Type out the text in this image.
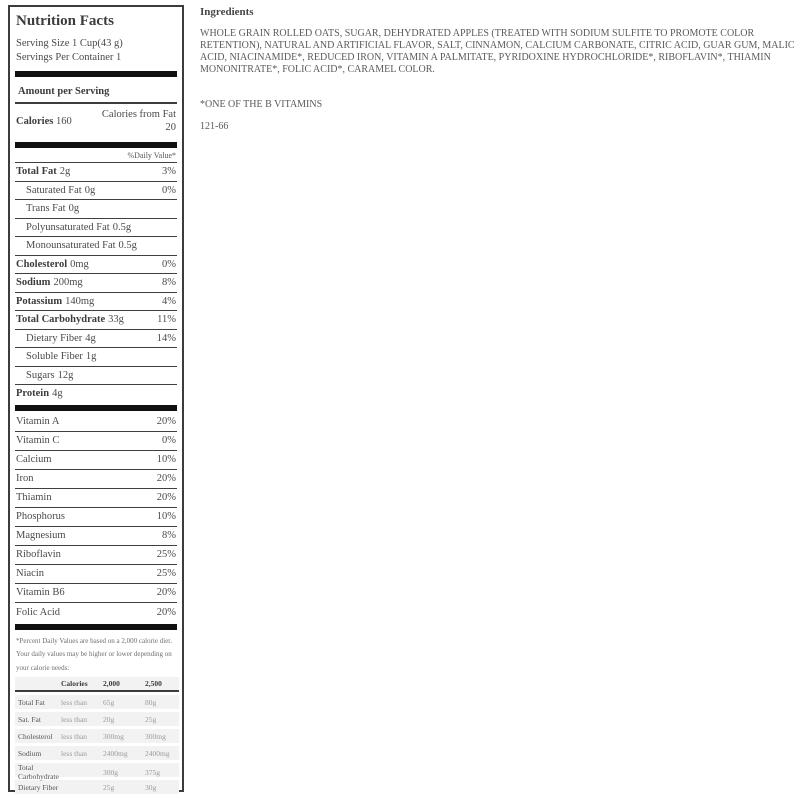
Nutrition Facts
Serving Size 1 Cup(43 g)
Servings Per Container 1
Amount per Serving
Calories 160
Calories from Fat
20
%Daily Value*
Total Fat 2g	3%
Saturated Fat 0g	0%
Trans Fat 0g
Polyunsaturated Fat 0.5g
Monounsaturated Fat 0.5g
Cholesterol 0mg	0%
Sodium 200mg	8%
Potassium 140mg	4%
Total Carbohydrate 33g	11%
Dietary Fiber 4g	14%
Soluble Fiber 1g
Sugars 12g
Protein 4g
Vitamin A	20%
Vitamin C	0%
Calcium	10%
Iron	20%
Thiamin	20%
Phosphorus	10%
Magnesium	8%
Riboflavin	25%
Niacin	25%
Vitamin B6	20%
Folic Acid	20%
*Percent Daily Values are based on a 2,000 calorie diet.
Your daily values may be higher or lower depending on
your calorie needs:
Calories	2,000	2,500
Total Fat	less than	65g	80g
Sat. Fat	less than	20g	25g
Cholesterol	less than	300mg	300mg
Sodium	less than	2400mg	2400mg
Total Carbohydrate	300g	375g
Dietary Fiber	25g	30g
Ingredients
WHOLE GRAIN ROLLED OATS, SUGAR, DEHYDRATED APPLES (TREATED WITH SODIUM SULFITE TO PROMOTE COLOR RETENTION), NATURAL AND ARTIFICIAL FLAVOR, SALT, CINNAMON, CALCIUM CARBONATE, CITRIC ACID, GUAR GUM, MALIC ACID, NIACINAMIDE*, REDUCED IRON, VITAMIN A PALMITATE, PYRIDOXINE HYDROCHLORIDE*, RIBOFLAVIN*, THIAMIN MONONITRATE*, FOLIC ACID*, CARAMEL COLOR.
*ONE OF THE B VITAMINS
121-66
